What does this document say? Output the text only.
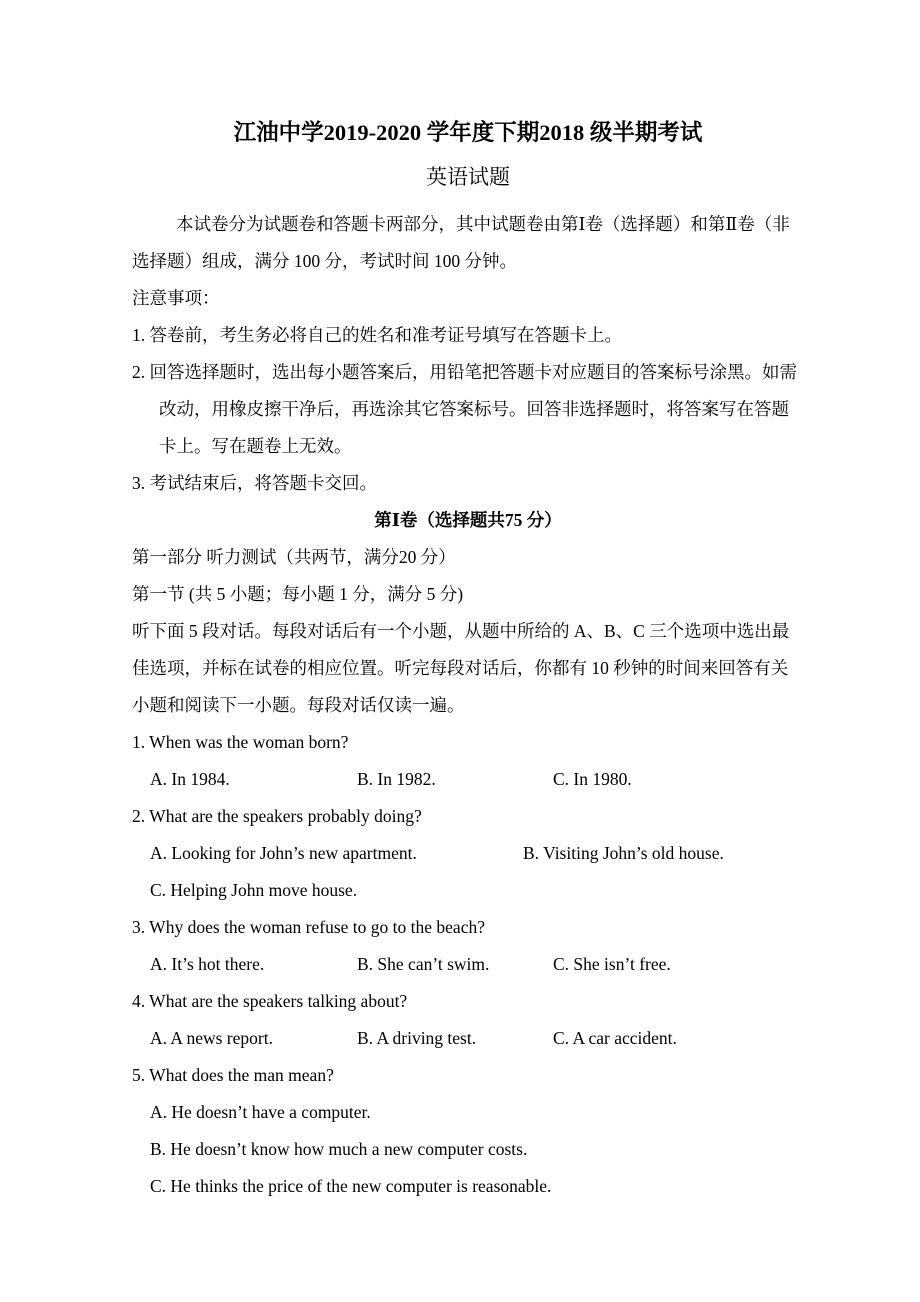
江油中学2019-2020 学年度下期2018 级半期考试
英语试题

本试卷分为试题卷和答题卡两部分，其中试题卷由第Ⅰ卷（选择题）和第Ⅱ卷（非选择题）组成，满分 100 分，考试时间 100 分钟。

注意事项：

1. 答卷前，考生务必将自己的姓名和准考证号填写在答题卡上。

2. 回答选择题时，选出每小题答案后，用铅笔把答题卡对应题目的答案标号涂黑。如需改动，用橡皮擦干净后，再选涂其它答案标号。回答非选择题时，将答案写在答题卡上。写在题卷上无效。

3. 考试结束后，将答题卡交回。

第Ⅰ卷（选择题共75 分）

第一部分 听力测试（共两节，满分20 分）

第一节 (共 5 小题；每小题 1 分，满分 5 分)

听下面 5 段对话。每段对话后有一个小题，从题中所给的 A、B、C 三个选项中选出最佳选项，并标在试卷的相应位置。听完每段对话后，你都有 10 秒钟的时间来回答有关小题和阅读下一小题。每段对话仅读一遍。

1. When was the woman born?

A. In 1984.	B. In 1982.	C. In 1980.

2. What are the speakers probably doing?

A. Looking for John’s new apartment.	B. Visiting John’s old house.

C. Helping John move house.

3. Why does the woman refuse to go to the beach?

A. It’s hot there.	B. She can’t swim.	C. She isn’t free.

4. What are the speakers talking about?

A. A news report.	B. A driving test.	C. A car accident.

5. What does the man mean?

A. He doesn’t have a computer.

B. He doesn’t know how much a new computer costs.

C. He thinks the price of the new computer is reasonable.
